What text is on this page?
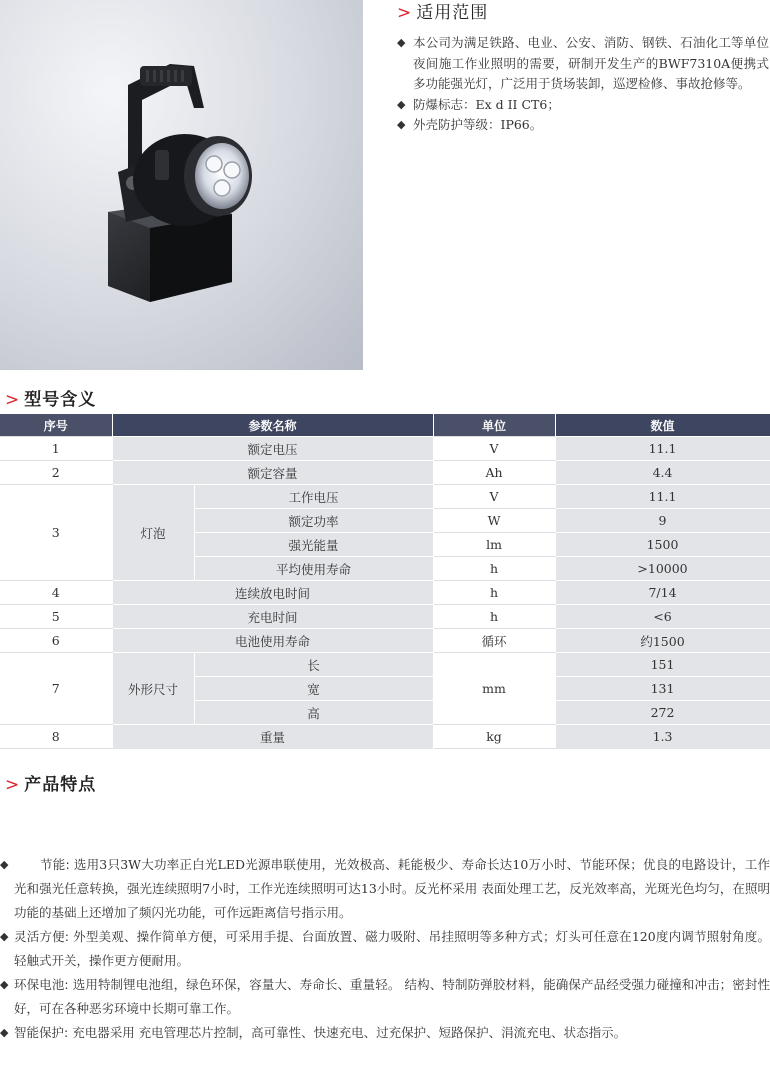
> 适用范围
◆ 本公司为满足铁路、电业、公安、消防、钢铁、石油化工等单位夜间施工作业照明的需要，研制开发生产的BWF7310A便携式多功能强光灯，广泛用于货场装卸，巡逻检修、事故抢修等。
◆ 防爆标志：Ex d II CT6；
◆ 外壳防护等级：IP66。
> 型号含义
序号	参数名称		单位	数值
1	额定电压		V	11.1
2	额定容量		Ah	4.4
3	灯泡	工作电压	V	11.1
		额定功率	W	9
		强光能量	lm	1500
		平均使用寿命	h	>10000
4	连续放电时间		h	7/14
5	充电时间		h	<6
6	电池使用寿命		循环	约1500
7	外形尺寸	长	mm	151
		宽		131
		高		272
8	重量		kg	1.3
> 产品特点
◆	节能: 选用3只3W大功率正白光LED光源串联使用，光效极高、耗能极少、寿命长达10万小时、节能环保；优良的电路设计，工作光和强光任意转换，强光连续照明7小时，工作光连续照明可达13小时。反光杯采用 表面处理工艺，反光效率高，光斑光色均匀，在照明功能的基础上还增加了频闪光功能，可作远距离信号指示用。
◆ 灵活方便: 外型美观、操作简单方便，可采用手提、台面放置、磁力吸附、吊挂照明等多种方式；灯头可任意在120度内调节照射角度。轻触式开关，操作更方便耐用。
◆ 环保电池: 选用特制锂电池组，绿色环保，容量大、寿命长、重量轻。 结构、特制防弹胶材料，能确保产品经受强力碰撞和冲击；密封性好，可在各种恶劣环境中长期可靠工作。
◆ 智能保护: 充电器采用 充电管理芯片控制，高可靠性、快速充电、过充保护、短路保护、涓流充电、状态指示。
